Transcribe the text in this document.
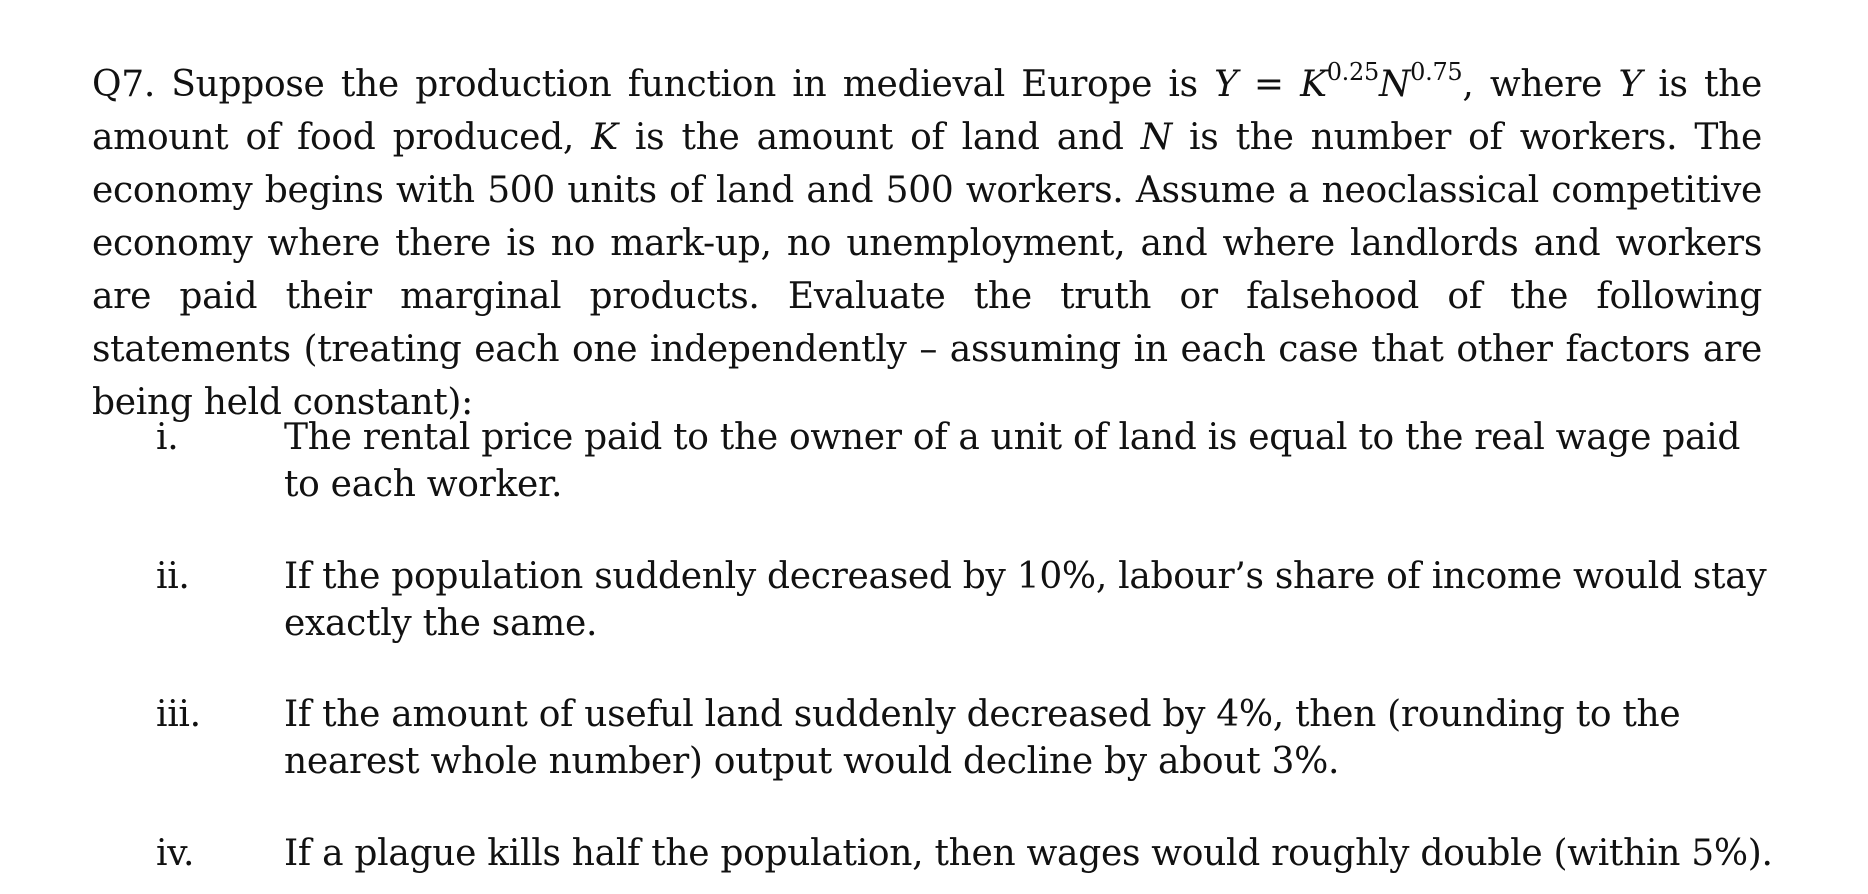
Q7. Suppose the production function in medieval Europe is $Y = K^{0.25}N^{0.75}$, where Y is the amount of food produced, K is the amount of land and N is the number of workers. The economy begins with 500 units of land and 500 workers. Assume a neoclassical competitive economy where there is no mark-up, no unemployment, and where landlords and workers are paid their marginal products. Evaluate the truth or falsehood of the following statements (treating each one independently – assuming in each case that other factors are being held constant):

i.	The rental price paid to the owner of a unit of land is equal to the real wage paid to each worker.
ii.	If the population suddenly decreased by 10%, labour’s share of income would stay exactly the same.
iii. If the amount of useful land suddenly decreased by 4%, then (rounding to the nearest whole number) output would decline by about 3%.
iv. If a plague kills half the population, then wages would roughly double (within 5%).
